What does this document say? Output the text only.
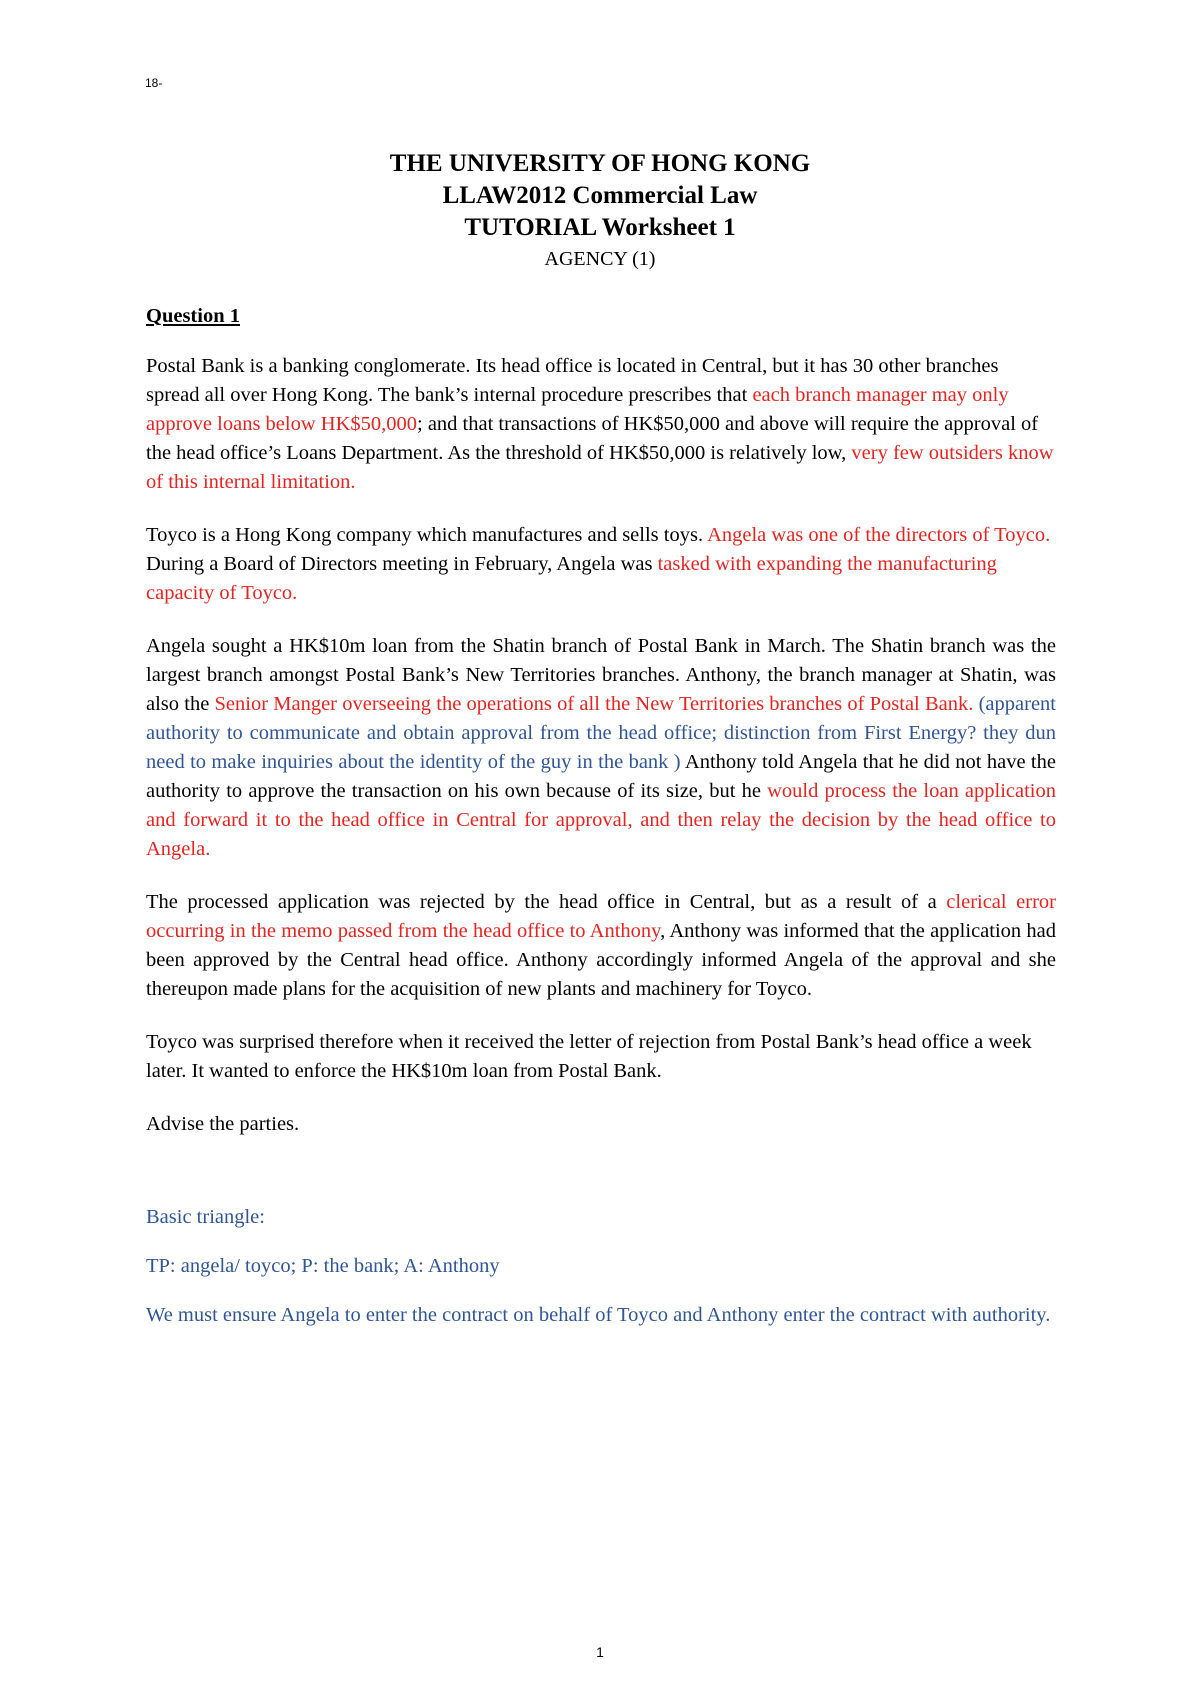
18-
THE UNIVERSITY OF HONG KONG
LLAW2012 Commercial Law
TUTORIAL Worksheet 1
AGENCY (1)

Question 1

Postal Bank is a banking conglomerate. Its head office is located in Central, but it has 30 other branches spread all over Hong Kong. The bank’s internal procedure prescribes that each branch manager may only approve loans below HK$50,000; and that transactions of HK$50,000 and above will require the approval of the head office’s Loans Department. As the threshold of HK$50,000 is relatively low, very few outsiders know of this internal limitation.

Toyco is a Hong Kong company which manufactures and sells toys. Angela was one of the directors of Toyco. During a Board of Directors meeting in February, Angela was tasked with expanding the manufacturing capacity of Toyco.

Angela sought a HK$10m loan from the Shatin branch of Postal Bank in March. The Shatin branch was the largest branch amongst Postal Bank’s New Territories branches. Anthony, the branch manager at Shatin, was also the Senior Manger overseeing the operations of all the New Territories branches of Postal Bank. (apparent authority to communicate and obtain approval from the head office; distinction from First Energy? they dun need to make inquiries about the identity of the guy in the bank ) Anthony told Angela that he did not have the authority to approve the transaction on his own because of its size, but he would process the loan application and forward it to the head office in Central for approval, and then relay the decision by the head office to Angela.

The processed application was rejected by the head office in Central, but as a result of a clerical error occurring in the memo passed from the head office to Anthony, Anthony was informed that the application had been approved by the Central head office. Anthony accordingly informed Angela of the approval and she thereupon made plans for the acquisition of new plants and machinery for Toyco.

Toyco was surprised therefore when it received the letter of rejection from Postal Bank’s head office a week later. It wanted to enforce the HK$10m loan from Postal Bank.

Advise the parties.

Basic triangle:

TP: angela/ toyco; P: the bank; A: Anthony

We must ensure Angela to enter the contract on behalf of Toyco and Anthony enter the contract with authority.

1
